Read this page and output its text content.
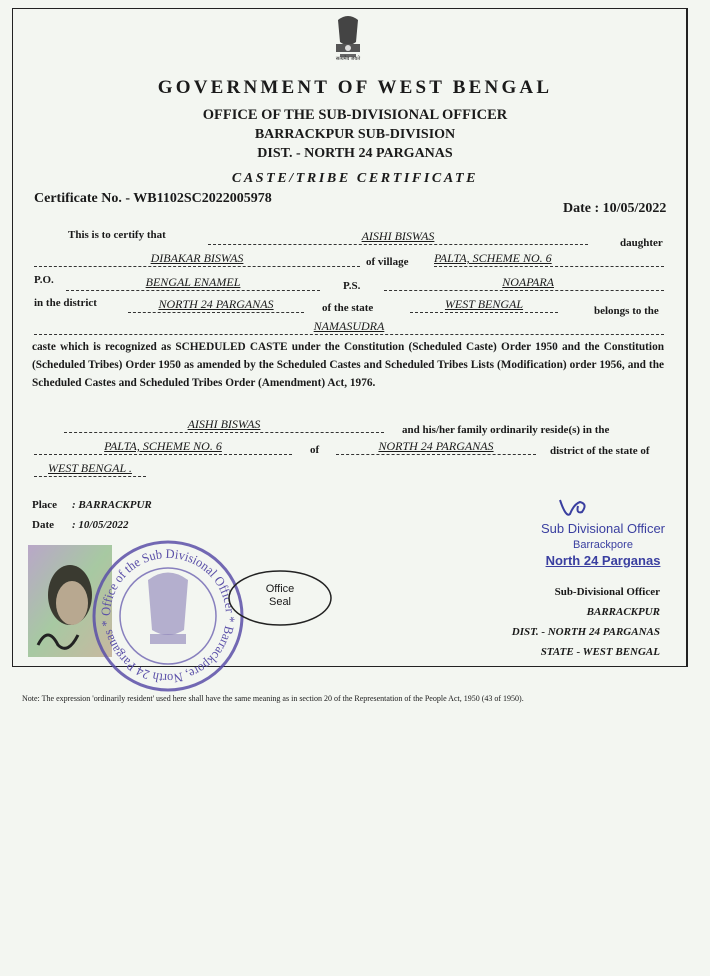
सत्यमेव जयते
GOVERNMENT OF WEST BENGAL
OFFICE OF THE SUB-DIVISIONAL OFFICER
BARRACKPUR SUB-DIVISION
DIST. - NORTH 24 PARGANAS
CASTE/TRIBE CERTIFICATE
Certificate No. - WB1102SC2022005978
Date : 10/05/2022
This is to certify that	AISHI BISWAS	daughter
DIBAKAR BISWAS	of village PALTA, SCHEME NO. 6
P.O.	BENGAL ENAMEL	P.S.	NOAPARA
in the district	NORTH 24 PARGANAS	of the state	WEST BENGAL	belongs to the
NAMASUDRA
caste which is recognized as SCHEDULED CASTE under the Constitution (Scheduled Caste) Order 1950 and the Constitution (Scheduled Tribes) Order 1950 as amended by the Scheduled Castes and Scheduled Tribes Lists (Modification) order 1956, and the Scheduled Castes and Scheduled Tribes Order (Amendment) Act, 1976.
AISHI BISWAS	and his/her family ordinarily reside(s) in the
PALTA, SCHEME NO. 6	of	NORTH 24 PARGANAS	district of the state of
WEST BENGAL .
Place : BARRACKPUR
Date : 10/05/2022
Office of the Sub Divisional Officer * Barrackpore, North 24 Parganas *
Office
Seal
Sub Divisional Officer
Barrackpore
North 24 Parganas
Sub-Divisional Officer
BARRACKPUR
DIST. - NORTH 24 PARGANAS
STATE - WEST BENGAL
Note: The expression 'ordinarily resident' used here shall have the same meaning as in section 20 of the Representation of the People Act, 1950 (43 of 1950).
